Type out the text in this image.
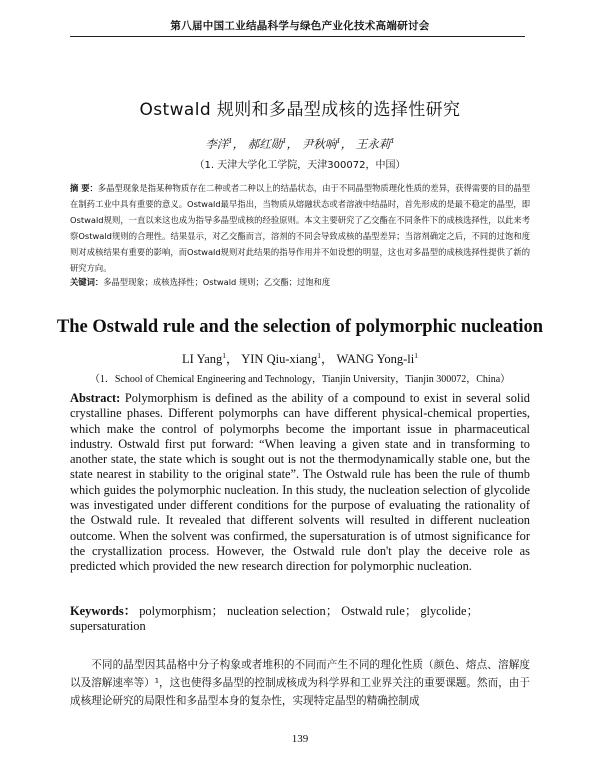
第八届中国工业结晶科学与绿色产业化技术高端研讨会
Ostwald 规则和多晶型成核的选择性研究
李洋$^1$， 郝红勋$^1$， 尹秋响$^1$， 王永莉$^1$
（1. 天津大学化工学院，天津300072，中国）
摘 要：多晶型现象是指某种物质存在二种或者二种以上的结晶状态，由于不同晶型物质理化性质的差异，获得需要的目的晶型在制药工业中具有重要的意义。Ostwald最早指出，当物质从熔融状态或者溶液中结晶时，首先形成的是最不稳定的晶型，即Ostwald规则，一直以来这也成为指导多晶型成核的经验原则。本文主要研究了乙交酯在不同条件下的成核选择性，以此来考察Ostwald规则的合理性。结果显示，对乙交酯而言，溶剂的不同会导致成核的晶型差异；当溶剂确定之后，不同的过饱和度则对成核结果有重要的影响，而Ostwald规则对此结果的指导作用并不如设想的明显，这也对多晶型的成核选择性提供了新的研究方向。
关键词：多晶型现象；成核选择性；Ostwald 规则；乙交酯；过饱和度
The Ostwald rule and the selection of polymorphic nucleation
LI Yang$^1$， YIN Qiu-xiang$^1$， WANG Yong-$li^1$
（1．School of Chemical Engineering and Technology，Tianjin University，Tianjin 300072，China）
Abstract: Polymorphism is defined as the ability of a compound to exist in several solid crystalline phases. Different polymorphs can have different physical-chemical properties, which make the control of polymorphs become the important issue in pharmaceutical industry. Ostwald first put forward: “When leaving a given state and in transforming to another state, the state which is sought out is not the thermodynamically stable one, but the state nearest in stability to the original state”. The Ostwald rule has been the rule of thumb which guides the polymorphic nucleation. In this study, the nucleation selection of glycolide was investigated under different conditions for the purpose of evaluating the rationality of the Ostwald rule. It revealed that different solvents will resulted in different nucleation outcome. When the solvent was confirmed, the supersaturation is of utmost significance for the crystallization process. However, the Ostwald rule don't play the deceive role as predicted which provided the new research direction for polymorphic nucleation.
Keywords： polymorphism； nucleation selection； Ostwald rule； glycolide； supersaturation
不同的晶型因其晶格中分子构象或者堆积的不同而产生不同的理化性质（颜色、熔点、溶解度以及溶解速率等）¹，这也使得多晶型的控制成核成为科学界和工业界关注的重要课题。然而，由于成核理论研究的局限性和多晶型本身的复杂性，实现特定晶型的精确控制成
139
